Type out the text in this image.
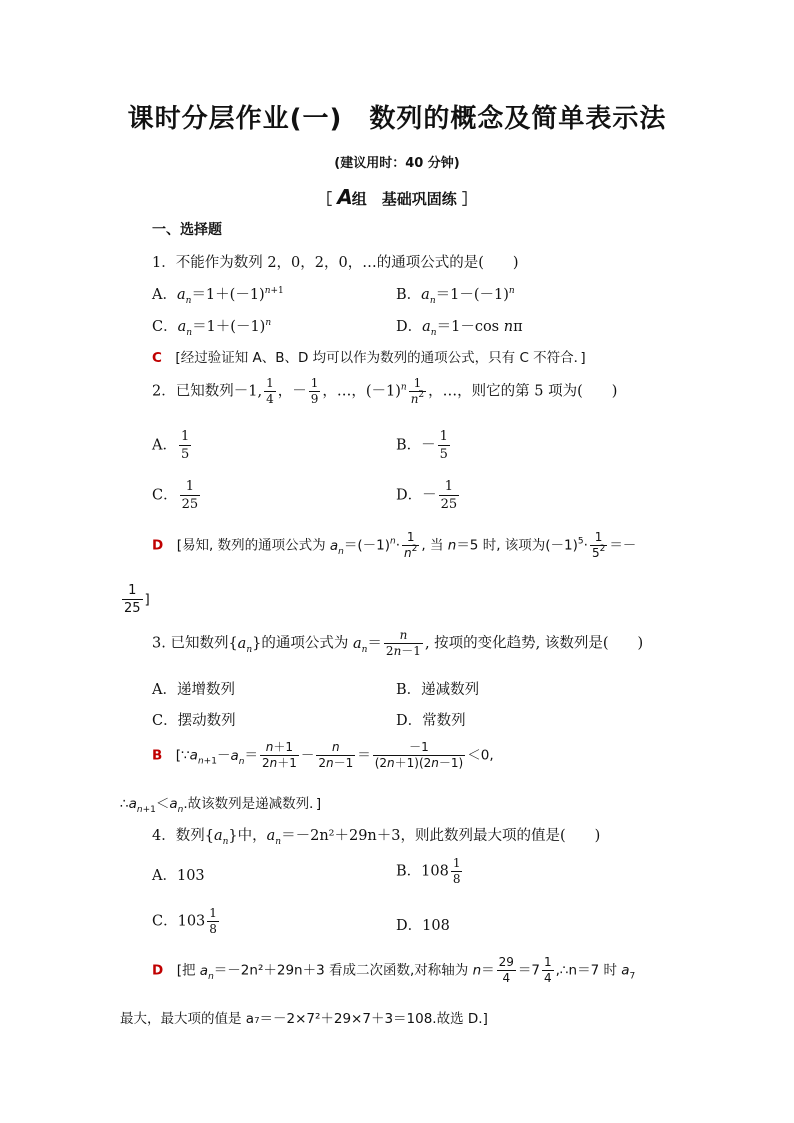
课时分层作业(一)　数列的概念及简单表示法
(建议用时：40 分钟)
［ A组　基础巩固练 ］
一、选择题
1．不能作为数列 2，0，2，0，…的通项公式的是(　　)
A．$a_n=1+(-1)^{n+1}$	B．$a_n=1-(-1)^n$
C．$a_n=1+(-1)^n$	D．$a_n=1-\cos$ nπ
C　 [经过验证知 A、B、D 均可以作为数列的通项公式，只有 C 不符合．]
2．已知数列－1, $\frac{1}{4}$ ，－ $\frac{1}{9}$ ，…，$(-1)^n \frac{1}{n^2}$ ，…，则它的第 5 项为(　　)
A． $\frac{1}{5}$	B．－ $\frac{1}{5}$
C． $\frac{1}{25}$	D．－ $\frac{1}{25}$
D　 [易知, 数列的通项公式为 $a_n=(-1)^n\cdot \frac{1}{n^2}$ , 当 n＝5 时, 该项为$(-1)^5\cdot \frac{1}{5^2}$ ＝－
$\frac{1}{25}$ ]
3. 已知数列$\{a_n\}$的通项公式为 $a_n= \frac{n}{2n-1}$ , 按项的变化趋势, 该数列是(　　)
A．递增数列	B．递减数列
C．摆动数列	D．常数列
B　[$\because a_{n+1}-a_n= \frac{n+1}{2n+1} - \frac{n}{2n-1} = \frac{-1}{(2n+1)(2n-1)} <0$,
$\therefore a_{n+1}<a_n$.故该数列是递减数列．]
4．数列$\{a_n\}$中，$a_n=-2n^2+29n+3$，则此数列最大项的值是(　　)
A．103	B．$108 \frac{1}{8}$
C．$103 \frac{1}{8}$	D．108
D　 [把 $a_n=-2n^2+29n+3$ 看成二次函数,对称轴为 $n= \frac{29}{4} =7 \frac{1}{4}$ ,∴n＝7 时 $a_7$
最大，最大项的值是 a₇＝－2×7²＋29×7＋3＝108.故选 D.]
